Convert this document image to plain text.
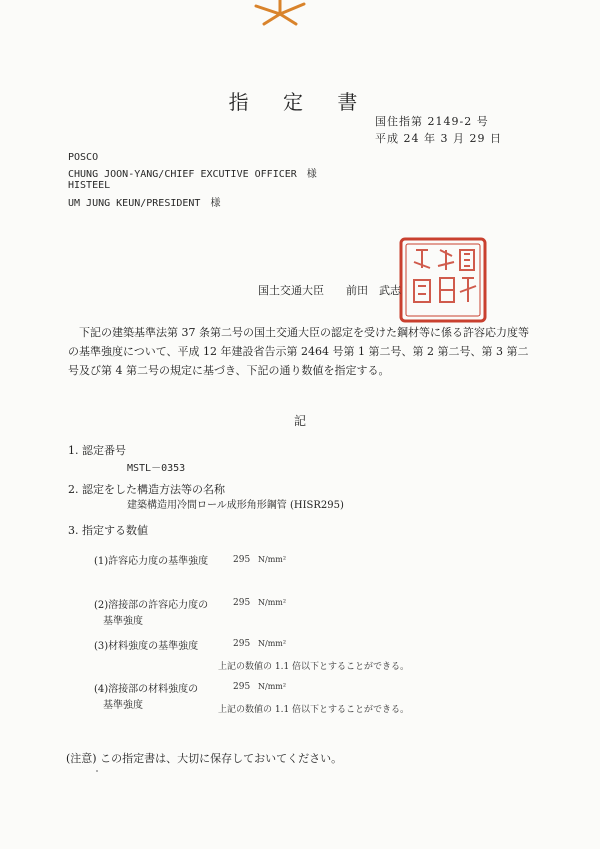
指 定 書
国住指第 2149-2 号
平成 24 年 3 月 29 日
POSCO
CHUNG JOON-YANG/CHIEF EXCUTIVE OFFICER　様
HISTEEL
UM JUNG KEUN/PRESIDENT　様
国土交通大臣　　前田　武志
下記の建築基準法第 37 条第二号の国土交通大臣の認定を受けた鋼材等に係る許容応力度等の基準強度について、平成 12 年建設省告示第 2464 号第 1 第二号、第 2 第二号、第 3 第二号及び第 4 第二号の規定に基づき、下記の通り数値を指定する。
記
1. 認定番号
MSTL－0353
2. 認定をした構造方法等の名称
建築構造用冷間ロール成形角形鋼管 (HISR295)
3. 指定する数値
(1)許容応力度の基準強度	295 N/mm²
(2)溶接部の許容応力度の
基準強度
295 N/mm²
(3)材料強度の基準強度	295 N/mm²
上記の数値の 1.1 倍以下とすることができる。
(4)溶接部の材料強度の
基準強度
295 N/mm²
上記の数値の 1.1 倍以下とすることができる。
(注意) この指定書は、大切に保存しておいてください。
